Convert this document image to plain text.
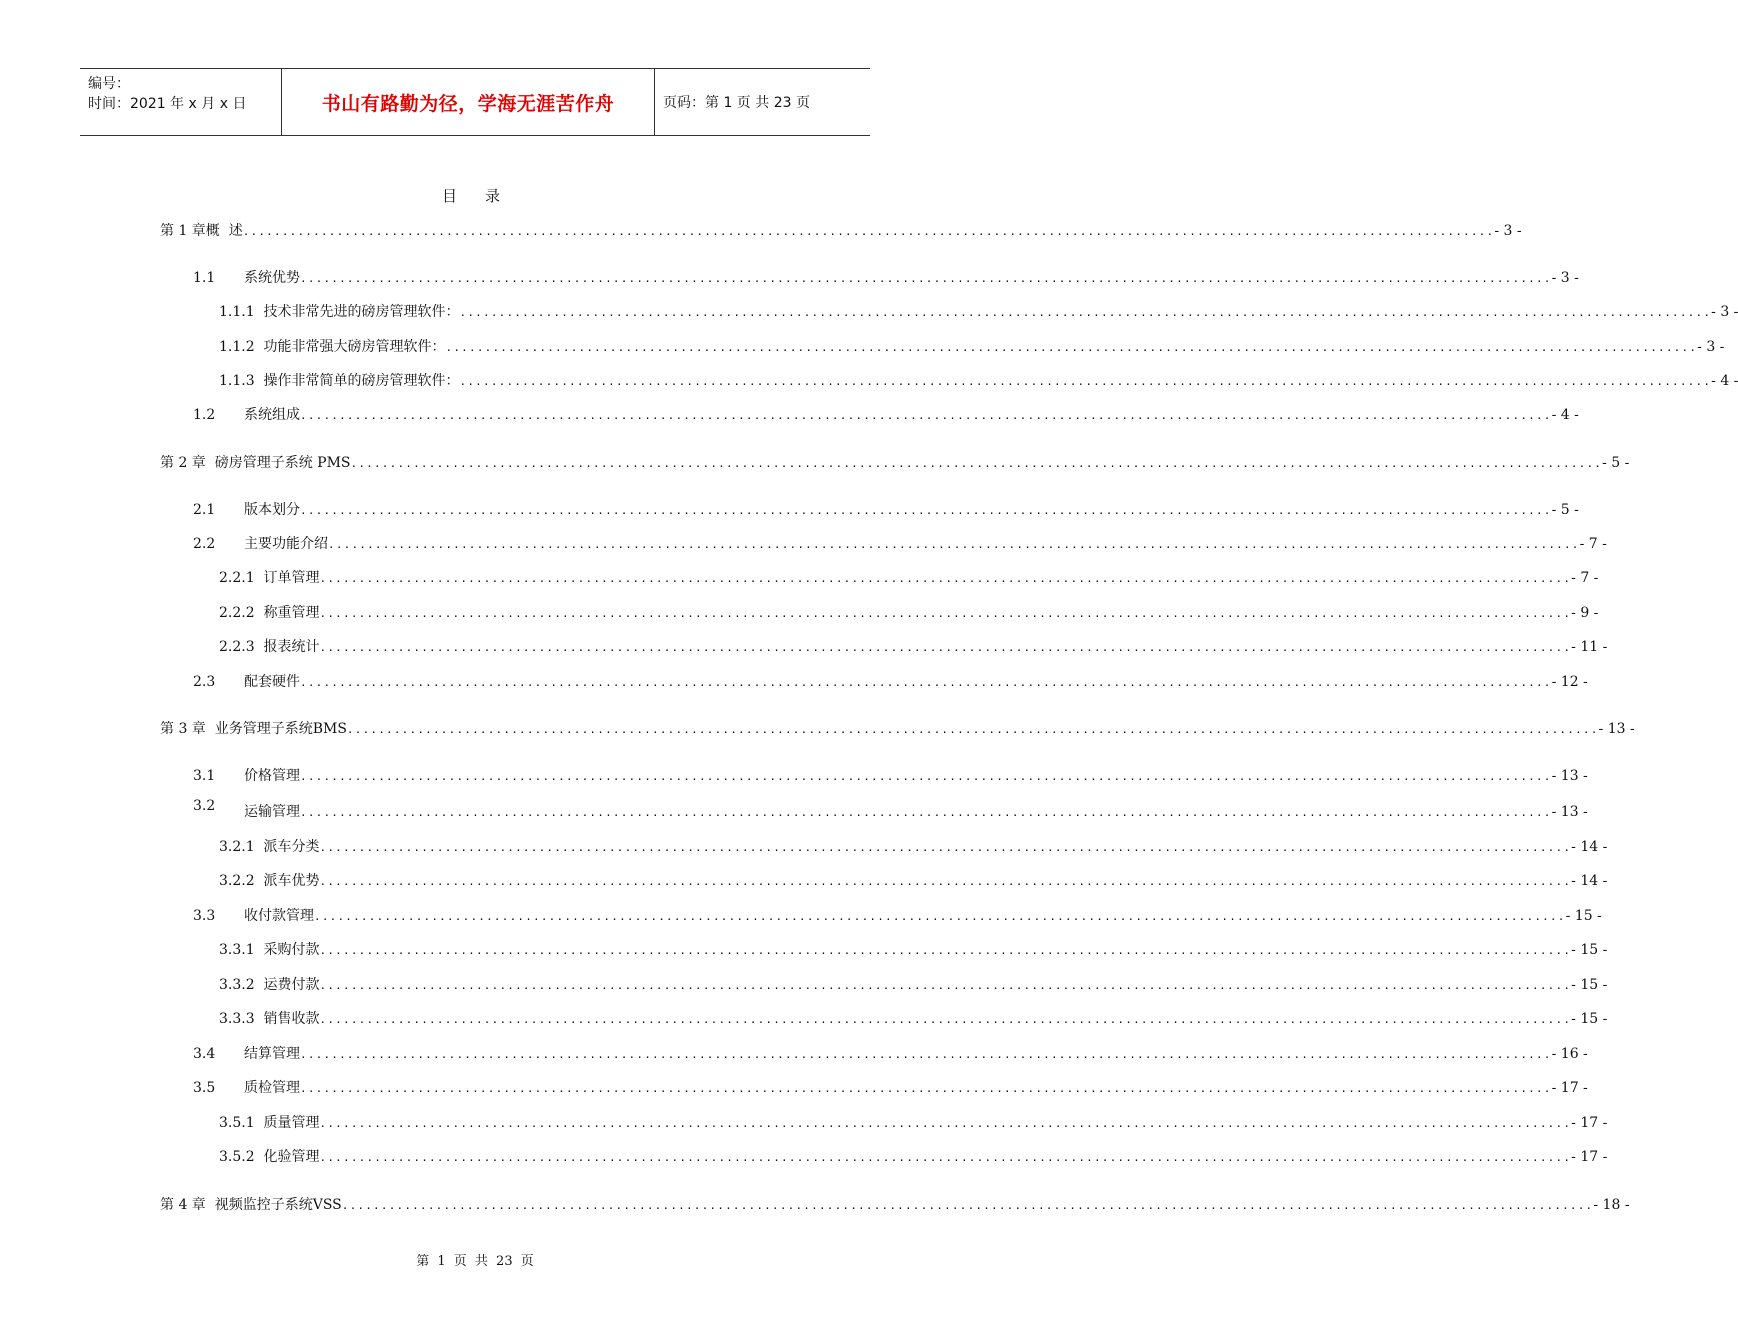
编号：
时间：2021 年 x 月 x 日	书山有路勤为径，学海无涯苦作舟	页码：第 1 页 共 23 页
目录
第 1 章概  述 ................................................................................................................................................................ - 3 -
1.1 系统优势 ................................................................................................................................................................ - 3 -
1.1.1  技术非常先进的磅房管理软件： ................................................................................................................................................................ - 3 -
1.1.2  功能非常强大磅房管理软件： ................................................................................................................................................................ - 3 -
1.1.3  操作非常简单的磅房管理软件： ................................................................................................................................................................ - 4 -
1.2 系统组成 ................................................................................................................................................................ - 4 -
第 2 章  磅房管理子系统 PMS ................................................................................................................................................................ - 5 -
2.1 版本划分 ................................................................................................................................................................ - 5 -
2.2 主要功能介绍 ................................................................................................................................................................ - 7 -
2.2.1  订单管理 ................................................................................................................................................................ - 7 -
2.2.2  称重管理 ................................................................................................................................................................ - 9 -
2.2.3  报表统计 ................................................................................................................................................................ - 11 -
2.3 配套硬件 ................................................................................................................................................................ - 12 -
第 3 章  业务管理子系统BMS ................................................................................................................................................................ - 13 -
3.1 价格管理 ................................................................................................................................................................ - 13 -
3.2 运输管理 ................................................................................................................................................................ - 13 -
3.2.1  派车分类 ................................................................................................................................................................ - 14 -
3.2.2  派车优势 ................................................................................................................................................................ - 14 -
3.3 收付款管理 ................................................................................................................................................................ - 15 -
3.3.1  采购付款 ................................................................................................................................................................ - 15 -
3.3.2  运费付款 ................................................................................................................................................................ - 15 -
3.3.3  销售收款 ................................................................................................................................................................ - 15 -
3.4 结算管理 ................................................................................................................................................................ - 16 -
3.5 质检管理 ................................................................................................................................................................ - 17 -
3.5.1  质量管理 ................................................................................................................................................................ - 17 -
3.5.2  化验管理 ................................................................................................................................................................ - 17 -
第 4 章  视频监控子系统VSS ................................................................................................................................................................ - 18 -
第 1 页 共 23 页
